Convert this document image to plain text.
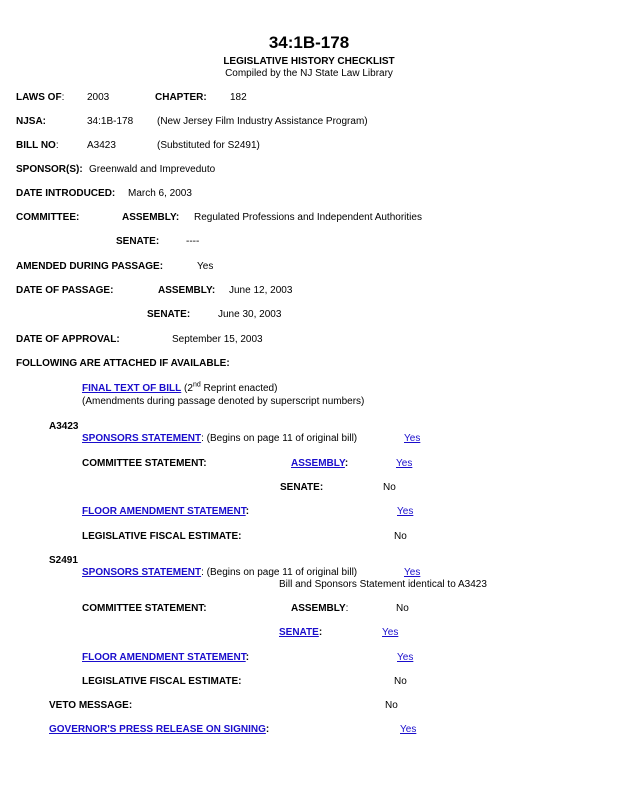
34:1B-178
LEGISLATIVE HISTORY CHECKLIST
Compiled by the NJ State Law Library
LAWS OF: 2003	CHAPTER: 182
NJSA:	34:1B-178 (New Jersey Film Industry Assistance Program)
BILL NO:	A3423	(Substituted for S2491)
SPONSOR(S): Greenwald and Impreveduto
DATE INTRODUCED: March 6, 2003
COMMITTEE:	ASSEMBLY: Regulated Professions and Independent Authorities
SENATE:	----
AMENDED DURING PASSAGE:	Yes
DATE OF PASSAGE:	ASSEMBLY: June 12, 2003
SENATE:	June 30, 2003
DATE OF APPROVAL:	September 15, 2003
FOLLOWING ARE ATTACHED IF AVAILABLE:
FINAL TEXT OF BILL (2nd Reprint enacted)
(Amendments during passage denoted by superscript numbers)
A3423
SPONSORS STATEMENT: (Begins on page 11 of original bill)	Yes
COMMITTEE STATEMENT:	ASSEMBLY:	Yes
SENATE:	No
FLOOR AMENDMENT STATEMENT:	Yes
LEGISLATIVE FISCAL ESTIMATE:	No
S2491
SPONSORS STATEMENT: (Begins on page 11 of original bill)	Yes
Bill and Sponsors Statement identical to A3423
COMMITTEE STATEMENT:	ASSEMBLY:	No
SENATE:	Yes
FLOOR AMENDMENT STATEMENT:	Yes
LEGISLATIVE FISCAL ESTIMATE:	No
VETO MESSAGE:	No
GOVERNOR'S PRESS RELEASE ON SIGNING:	Yes
